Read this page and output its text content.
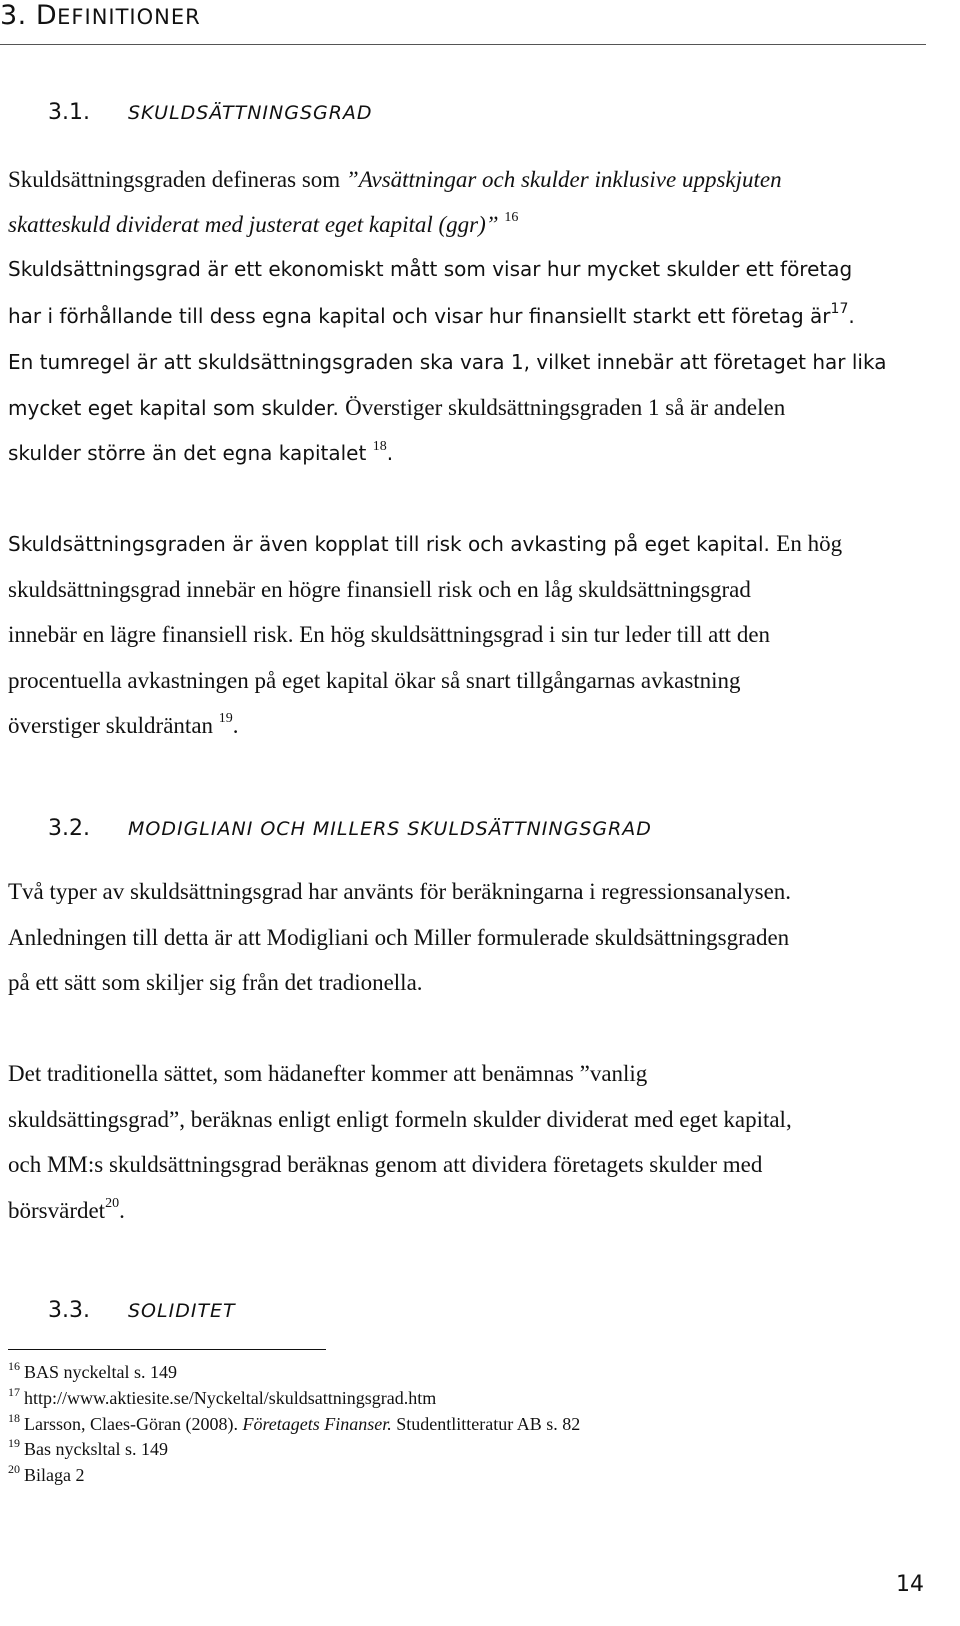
3. DEFINITIONER
3.1. SKULDSÄTTNINGSGRAD
Skuldsättningsgraden defineras som ”Avsättningar och skulder inklusive uppskjuten
skatteskuld dividerat med justerat eget kapital (ggr)” $^{16}$
Skuldsättningsgrad är ett ekonomiskt mått som visar hur mycket skulder ett företag
har i förhållande till dess egna kapital och visar hur finansiellt starkt ett företag $är^{17}$.
En tumregel är att skuldsättningsgraden ska vara 1, vilket innebär att företaget har lika
mycket eget kapital som skulder. Överstiger skuldsättningsgraden 1 så är andelen
skulder större än det egna kapitalet $^{18}$.
Skuldsättningsgraden är även kopplat till risk och avkasting på eget kapital. En hög
skuldsättningsgrad innebär en högre finansiell risk och en låg skuldsättningsgrad
innebär en lägre finansiell risk. En hög skuldsättningsgrad i sin tur leder till att den
procentuella avkastningen på eget kapital ökar så snart tillgångarnas avkastning
överstiger skuldräntan $^{19}$.
3.2. MODIGLIANI OCH MILLERS SKULDSÄTTNINGSGRAD
Två typer av skuldsättningsgrad har använts för beräkningarna i regressionsanalysen.
Anledningen till detta är att Modigliani och Miller formulerade skuldsättningsgraden
på ett sätt som skiljer sig från det tradionella.
Det traditionella sättet, som hädanefter kommer att benämnas ”vanlig
skuldsättingsgrad”, beräknas enligt enligt formeln skulder dividerat med eget kapital,
och MM:s skuldsättningsgrad beräknas genom att dividera företagets skulder med
börsvärdet$^{20}$.
3.3. SOLIDITET
$^{16}$ BAS nyckeltal s. 149
$^{17}$ http://www.aktiesite.se/Nyckeltal/skuldsattningsgrad.htm
$^{18}$ Larsson, Claes-Göran (2008). Företagets Finanser. Studentlitteratur AB s. 82
$^{19}$ Bas nycksltal s. 149
$^{20}$ Bilaga 2
14
